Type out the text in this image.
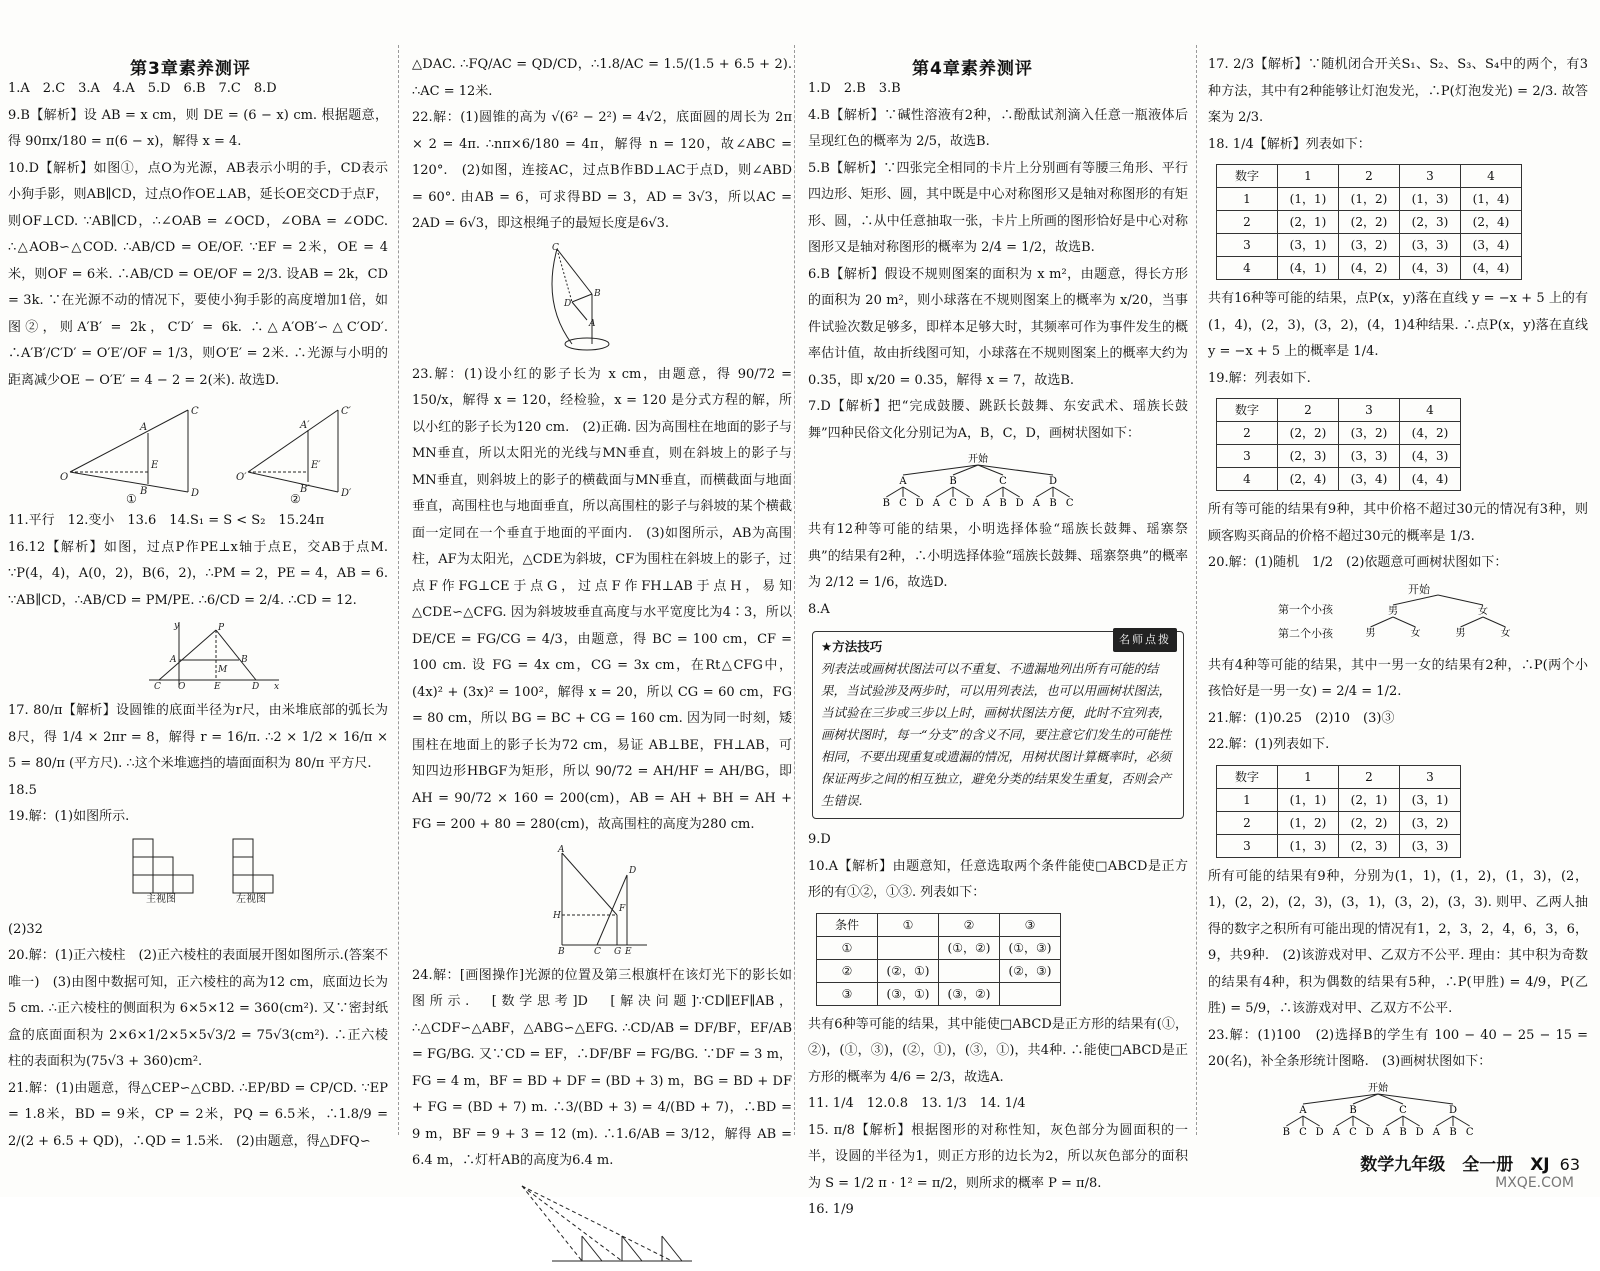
第3章素养测评	第4章素养测评

1.A　2.C　3.A　4.A　5.D　6.B　7.C　8.D

9.B【解析】设 AB = x cm，则 DE = (6 − x) cm. 根据题意，得 90πx/180 = π(6 − x)，解得 x = 4.

10.D【解析】如图①，点O为光源，AB表示小明的手，CD表示小狗手影，则AB∥CD，过点O作OE⊥AB，延长OE交CD于点F，则OF⊥CD. ∵AB∥CD，∴∠OAB = ∠OCD，∠OBA = ∠ODC. ∴△AOB∽△COD. ∴AB/CD = OE/OF. ∵EF = 2米，OE = 4米，则OF = 6米. ∴AB/CD = OE/OF = 2/3. 设AB = 2k，CD = 3k. ∵在光源不动的情况下，要使小狗手影的高度增加1倍，如图②，则A′B′ = 2k，C′D′ = 6k. ∴△A′OB′∽△C′OD′. ∴A′B′/C′D′ = O′E′/OF = 1/3，则O′E′ = 2米. ∴光源与小明的距离减少OE − O′E′ = 4 − 2 = 2(米). 故选D.

O
A
B
E
C
D
O′
A′
B′
E′
C′
D′
①	②

11.平行　12.变小　13.6　14.S₁ = S < S₂　15.24π

16.12【解析】如图，过点P作PE⊥x轴于点E，交AB于点M. ∵P(4，4)，A(0，2)，B(6，2)，∴PM = 2，PE = 4，AB = 6. ∵AB∥CD，∴AB/CD = PM/PE. ∴6/CD = 2/4. ∴CD = 12.

y	P
A	B
M
C O	E	D x

17. 80/π【解析】设圆锥的底面半径为r尺，由米堆底部的弧长为8尺，得 1/4 × 2πr = 8，解得 r = 16/π. ∴2 × 1/2 × 16/π × 5 = 80/π (平方尺). ∴这个米堆遮挡的墙面面积为 80/π 平方尺.

18.5

19.解：(1)如图所示.

主视图	左视图

(2)32

20.解：(1)正六棱柱　(2)正六棱柱的表面展开图如图所示.(答案不唯一)　(3)由图中数据可知，正六棱柱的高为12 cm，底面边长为5 cm. ∴正六棱柱的侧面积为 6×5×12 = 360(cm²). 又∵密封纸盒的底面面积为 2×6×1/2×5×5√3/2 = 75√3(cm²). ∴正六棱柱的表面积为(75√3 + 360)cm².

21.解：(1)由题意，得△CEP∽△CBD. ∴EP/BD = CP/CD. ∵EP = 1.8米，BD = 9米，CP = 2米，PQ = 6.5米，∴1.8/9 = 2/(2 + 6.5 + QD)，∴QD = 1.5米.　(2)由题意，得△DFQ∽

△DAC. ∴FQ/AC = QD/CD，∴1.8/AC = 1.5/(1.5 + 6.5 + 2). ∴AC = 12米.

22.解：(1)圆锥的高为 √(6² − 2²) = 4√2，底面圆的周长为 2π × 2 = 4π. ∴nπ×6/180 = 4π，解得 n = 120，故∠ABC = 120°.　(2)如图，连接AC，过点B作BD⊥AC于点D，则∠ABD = 60°. 由AB = 6，可求得BD = 3，AD = 3√3，所以AC = 2AD = 6√3，即这根绳子的最短长度是6√3.

C
B
D
A

23.解：(1)设小红的影子长为 x cm，由题意，得 90/72 = 150/x，解得 x = 120，经检验，x = 120 是分式方程的解，所以小红的影子长为120 cm.　(2)正确. 因为高围柱在地面的影子与MN垂直，所以太阳光的光线与MN垂直，则在斜坡上的影子与MN垂直，则斜坡上的影子的横截面与MN垂直，而横截面与地面垂直，高围柱也与地面垂直，所以高围柱的影子与斜坡的某个横截面一定同在一个垂直于地面的平面内.　(3)如图所示，AB为高围柱，AF为太阳光，△CDE为斜坡，CF为围柱在斜坡上的影子，过点F作FG⊥CE于点G，过点F作FH⊥AB于点H，易知△CDE∽△CFG. 因为斜坡坡垂直高度与水平宽度比为4∶3，所以 DE/CE = FG/CG = 4/3，由题意，得 BC = 100 cm，CF = 100 cm. 设 FG = 4x cm，CG = 3x cm，在Rt△CFG中，(4x)² + (3x)² = 100²，解得 x = 20，所以 CG = 60 cm，FG = 80 cm，所以 BG = BC + CG = 160 cm. 因为同一时刻，矮围柱在地面上的影子长为72 cm，易证 AB⊥BE，FH⊥AB，可知四边形HBGF为矩形，所以 90/72 = AH/HF = AH/BG，即 AH = 90/72 × 160 = 200(cm)，AB = AH + BH = AH + FG = 200 + 80 = 280(cm)，故高围柱的高度为280 cm.

A
H
F
D
B	C G E

24.解：[画图操作]光源的位置及第三根旗杆在该灯光下的影长如图所示.　[数学思考]D　[解决问题]∵CD∥EF∥AB，∴△CDF∽△ABF，△ABG∽△EFG. ∴CD/AB = DF/BF，EF/AB = FG/BG. 又∵CD = EF，∴DF/BF = FG/BG. ∵DF = 3 m，FG = 4 m，BF = BD + DF = (BD + 3) m，BG = BD + DF + FG = (BD + 7) m. ∴3/(BD + 3) = 4/(BD + 7)，∴BD = 9 m，BF = 9 + 3 = 12 (m). ∴1.6/AB = 3/12，解得 AB = 6.4 m，∴灯杆AB的高度为6.4 m.

1.D　2.B　3.B

4.B【解析】∵碱性溶液有2种，∴酚酞试剂滴入任意一瓶液体后呈现红色的概率为 2/5，故选B.

5.B【解析】∵四张完全相同的卡片上分别画有等腰三角形、平行四边形、矩形、圆，其中既是中心对称图形又是轴对称图形的有矩形、圆，∴从中任意抽取一张，卡片上所画的图形恰好是中心对称图形又是轴对称图形的概率为 2/4 = 1/2，故选B.

6.B【解析】假设不规则图案的面积为 x m²，由题意，得长方形的面积为 20 m²，则小球落在不规则图案上的概率为 x/20，当事件试验次数足够多，即样本足够大时，其频率可作为事件发生的概率估计值，故由折线图可知，小球落在不规则图案上的概率大约为0.35，即 x/20 = 0.35，解得 x = 7，故选B.

7.D【解析】把“完成鼓腰、跳跃长鼓舞、东安武术、瑶族长鼓舞”四种民俗文化分别记为A，B，C，D，画树状图如下：

开始
A
B C D
B
A C D
C
A B D
D
A B C

共有12种等可能的结果，小明选择体验“瑶族长鼓舞、瑶寨祭典”的结果有2种，∴小明选择体验“瑶族长鼓舞、瑶寨祭典”的概率为 2/12 = 1/6，故选D.

8.A

名师点拨
★方法技巧
列表法或画树状图法可以不重复、不遗漏地列出所有可能的结果，当试验涉及两步时，可以用列表法，也可以用画树状图法，当试验在三步或三步以上时，画树状图法方便，此时不宜列表，画树状图时，每一“分支”的含义不同，要注意它们发生的可能性相同，不要出现重复或遗漏的情况，用树状图计算概率时，必须保证两步之间的相互独立，避免分类的结果发生重复，否则会产生错误.

9.D

10.A【解析】由题意知，任意选取两个条件能使□ABCD是正方形的有①②，①③. 列表如下：

条件	①	②	③
①		(①，②)	(①，③)
②	(②，①)		(②，③)
③	(③，①)	(③，②)	

共有6种等可能的结果，其中能使□ABCD是正方形的结果有(①，②)，(①，③)，(②，①)，(③，①)，共4种. ∴能使□ABCD是正方形的概率为 4/6 = 2/3，故选A.

11. 1/4　12.0.8　13. 1/3　14. 1/4

15. π/8【解析】根据图形的对称性知，灰色部分为圆面积的一半，设圆的半径为1，则正方形的边长为2，所以灰色部分的面积为 S = 1/2 π · 1² = π/2，则所求的概率 P = π/8.

16. 1/9

17. 2/3【解析】∵随机闭合开关S₁、S₂、S₃、S₄中的两个，有3种方法，其中有2种能够让灯泡发光，∴P(灯泡发光) = 2/3. 故答案为 2/3.

18. 1/4【解析】列表如下：

数字	1	2	3	4
1	(1，1)	(1，2)	(1，3)	(1，4)
2	(2，1)	(2，2)	(2，3)	(2，4)
3	(3，1)	(3，2)	(3，3)	(3，4)
4	(4，1)	(4，2)	(4，3)	(4，4)

共有16种等可能的结果，点P(x，y)落在直线 y = −x + 5 上的有(1，4)，(2，3)，(3，2)，(4，1)4种结果. ∴点P(x，y)落在直线 y = −x + 5 上的概率是 1/4.

19.解：列表如下.

数字	2	3	4
2	(2，2)	(3，2)	(4，2)
3	(2，3)	(3，3)	(4，3)
4	(2，4)	(3，4)	(4，4)

所有等可能的结果有9种，其中价格不超过30元的情况有3种，则顾客购买商品的价格不超过30元的概率是 1/3.

20.解：(1)随机　1/2　(2)依题意可画树状图如下：

开始
第一个小孩
第二个小孩
男
男	女
女
男	女

共有4种等可能的结果，其中一男一女的结果有2种，∴P(两个小孩恰好是一男一女) = 2/4 = 1/2.

21.解：(1)0.25　(2)10　(3)③

22.解：(1)列表如下.

数字	1	2	3
1	(1，1)	(2，1)	(3，1)
2	(1，2)	(2，2)	(3，2)
3	(1，3)	(2，3)	(3，3)

所有可能的结果有9种，分别为(1，1)，(1，2)，(1，3)，(2，1)，(2，2)，(2，3)，(3，1)，(3，2)，(3，3). 则甲、乙两人抽得的数字之积所有可能出现的情况有1，2，3，2，4，6，3，6，9，共9种.　(2)该游戏对甲、乙双方不公平. 理由：其中积为奇数的结果有4种，积为偶数的结果有5种，∴P(甲胜) = 4/9，P(乙胜) = 5/9，∴该游戏对甲、乙双方不公平.

23.解：(1)100　(2)选择B的学生有 100 − 40 − 25 − 15 = 20(名)，补全条形统计图略.　(3)画树状图如下：

开始
A
B C D
B
A C D
C
A B D
D
A B C
数学九年级　全一册　XJ 63
MXQE.COM
